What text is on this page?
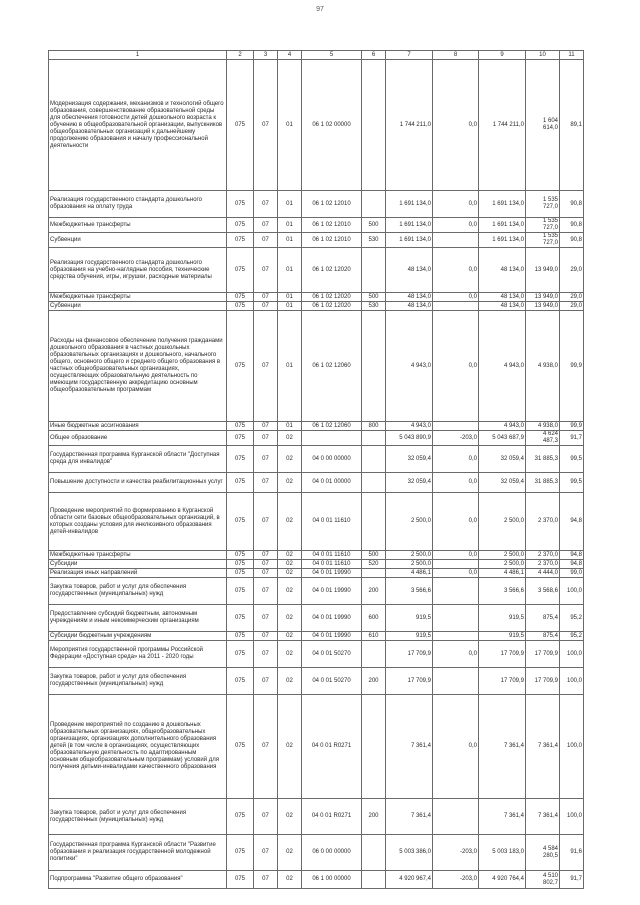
97
1	2	3	4	5	6	7	8	9	10	11
Модернизация содержания, механизмов и технологий общего образования, совершенствование образовательной среды для обеспечения готовности детей дошкольного возраста к обучению в общеобразовательной организации, выпускников общеобразовательных организаций к дальнейшему продолжению образования и началу профессиональной деятельности	075	07	01	06 1 02 00000		1 744 211,0	0,0	1 744 211,0	1 604 614,0	89,1
Реализация государственного стандарта дошкольного образования на оплату труда	075	07	01	06 1 02 12010		1 691 134,0	0,0	1 691 134,0	1 535 727,0	90,8
Межбюджетные трансферты	075	07	01	06 1 02 12010	500	1 691 134,0	0,0	1 691 134,0	1 535 727,0	90,8
Субвенции	075	07	01	06 1 02 12010	530	1 691 134,0		1 691 134,0	1 535 727,0	90,8
Реализация государственного стандарта дошкольного образования на учебно-наглядные пособия, технические средства обучения, игры, игрушки, расходные материалы	075	07	01	06 1 02 12020		48 134,0	0,0	48 134,0	13 949,0	29,0
Межбюджетные трансферты	075	07	01	06 1 02 12020	500	48 134,0	0,0	48 134,0	13 949,0	29,0
Субвенции	075	07	01	06 1 02 12020	530	48 134,0		48 134,0	13 949,0	29,0
Расходы на финансовое обеспечение получения гражданами дошкольного образования в частных дошкольных образовательных организациях и дошкольного, начального общего, основного общего и среднего общего образования в частных общеобразовательных организациях, осуществляющих образовательную деятельность по имеющим государственную аккредитацию основным общеобразовательным программам	075	07	01	06 1 02 12060		4 943,0	0,0	4 943,0	4 938,0	99,9
Иные бюджетные ассигнования	075	07	01	06 1 02 12060	800	4 943,0		4 943,0	4 938,0	99,9
Общее образование	075	07	02			5 043 890,9	-203,0	5 043 687,9	4 624 487,3	91,7
Государственная программа Курганской области "Доступная среда для инвалидов"	075	07	02	04 0 00 00000		32 059,4	0,0	32 059,4	31 885,3	99,5
Повышение доступности и качества реабилитационных услуг	075	07	02	04 0 01 00000		32 059,4	0,0	32 059,4	31 885,3	99,5
Проведение мероприятий по формированию в Курганской области сети базовых общеобразовательных организаций, в которых созданы условия для инклюзивного образования детей-инвалидов	075	07	02	04 0 01 11610		2 500,0	0,0	2 500,0	2 370,0	94,8
Межбюджетные трансферты	075	07	02	04 0 01 11610	500	2 500,0	0,0	2 500,0	2 370,0	94,8
Субсидии	075	07	02	04 0 01 11610	520	2 500,0		2 500,0	2 370,0	94,8
Реализация иных направлений	075	07	02	04 0 01 19990		4 486,1	0,0	4 486,1	4 444,0	99,0
Закупка товаров, работ и услуг для обеспечения государственных (муниципальных) нужд	075	07	02	04 0 01 19990	200	3 566,6		3 566,6	3 568,6	100,0
Предоставление субсидий бюджетным, автономным учреждениям и иным некоммерческим организациям	075	07	02	04 0 01 19990	600	919,5		919,5	875,4	95,2
Субсидии бюджетным учреждениям	075	07	02	04 0 01 19990	610	919,5		919,5	875,4	95,2
Мероприятия государственной программы Российской Федерации «Доступная среда» на 2011 - 2020 годы	075	07	02	04 0 01 50270		17 709,9	0,0	17 709,9	17 709,9	100,0
Закупка товаров, работ и услуг для обеспечения государственных (муниципальных) нужд	075	07	02	04 0 01 50270	200	17 709,9		17 709,9	17 709,9	100,0
Проведение мероприятий по созданию в дошкольных образовательных организациях, общеобразовательных организациях, организациях дополнительного образования детей (в том числе в организациях, осуществляющих образовательную деятельность по адаптированным основным общеобразовательным программам) условий для получения детьми-инвалидами качественного образования	075	07	02	04 0 01 R0271		7 361,4	0,0	7 361,4	7 361,4	100,0
Закупка товаров, работ и услуг для обеспечения государственных (муниципальных) нужд	075	07	02	04 0 01 R0271	200	7 361,4		7 361,4	7 361,4	100,0
Государственная программа Курганской области "Развитие образования и реализация государственной молодежной политики"	075	07	02	06 0 00 00000		5 003 386,0	-203,0	5 003 183,0	4 584 280,5	91,6
Подпрограмма "Развитие общего образования"	075	07	02	06 1 00 00000		4 920 967,4	-203,0	4 920 764,4	4 510 802,7	91,7
